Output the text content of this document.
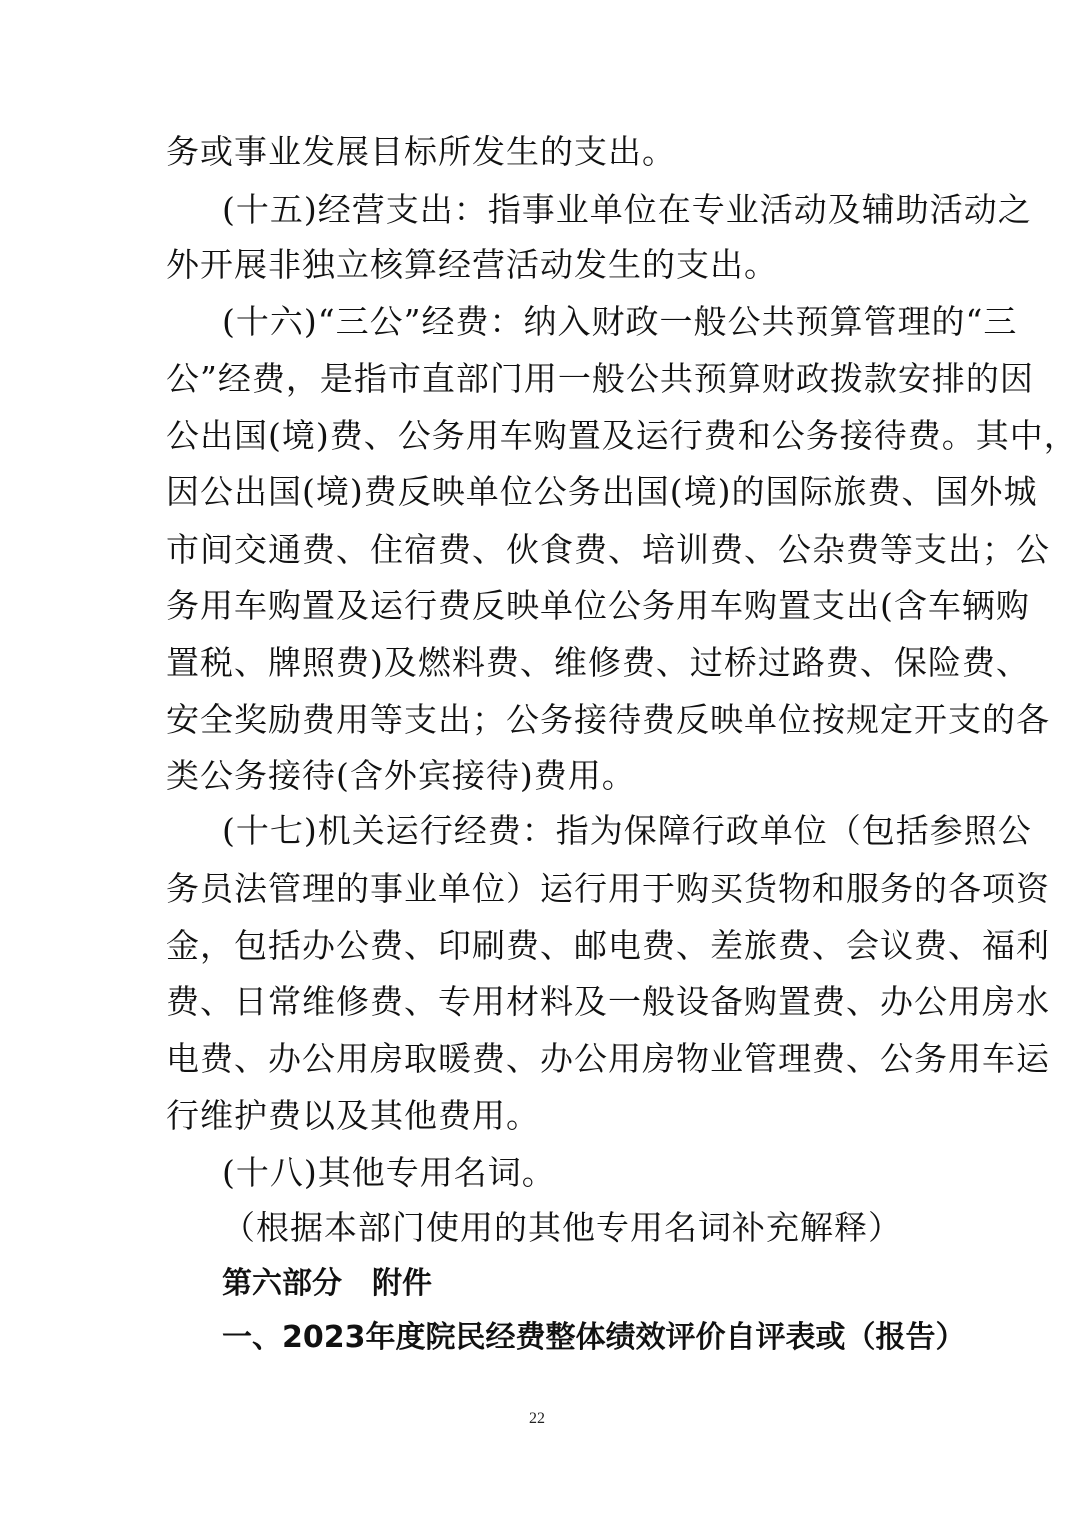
务或事业发展目标所发生的支出。
(十五)经营支出：指事业单位在专业活动及辅助活动之
外开展非独立核算经营活动发生的支出。
(十六)“三公”经费：纳入财政一般公共预算管理的“三
公”经费，是指市直部门用一般公共预算财政拨款安排的因
公出国(境)费、公务用车购置及运行费和公务接待费。其中，
因公出国(境)费反映单位公务出国(境)的国际旅费、国外城
市间交通费、住宿费、伙食费、培训费、公杂费等支出；公
务用车购置及运行费反映单位公务用车购置支出(含车辆购
置税、牌照费)及燃料费、维修费、过桥过路费、保险费、
安全奖励费用等支出；公务接待费反映单位按规定开支的各
类公务接待(含外宾接待)费用。
(十七)机关运行经费：指为保障行政单位（包括参照公
务员法管理的事业单位）运行用于购买货物和服务的各项资
金，包括办公费、印刷费、邮电费、差旅费、会议费、福利
费、日常维修费、专用材料及一般设备购置费、办公用房水
电费、办公用房取暖费、办公用房物业管理费、公务用车运
行维护费以及其他费用。
(十八)其他专用名词。
（根据本部门使用的其他专用名词补充解释）
第六部分　附件
一、2023年度院民经费整体绩效评价自评表或（报告）
22
